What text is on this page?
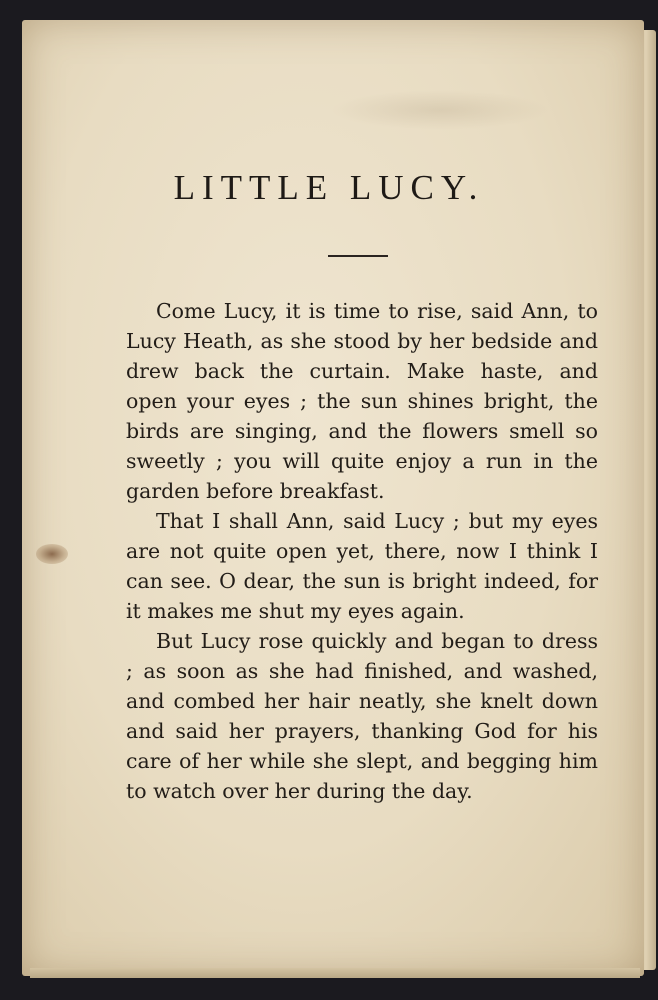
LITTLE LUCY.

Come Lucy, it is time to rise, said Ann, to Lucy Heath, as she stood by her bedside and drew back the curtain. Make haste, and open your eyes ; the sun shines bright, the birds are singing, and the flowers smell so sweetly ; you will quite enjoy a run in the garden before breakfast.

That I shall Ann, said Lucy ; but my eyes are not quite open yet, there, now I think I can see. O dear, the sun is bright indeed, for it makes me shut my eyes again.

But Lucy rose quickly and began to dress ; as soon as she had finished, and washed, and combed her hair neatly, she knelt down and said her prayers, thanking God for his care of her while she slept, and begging him to watch over her during the day.
